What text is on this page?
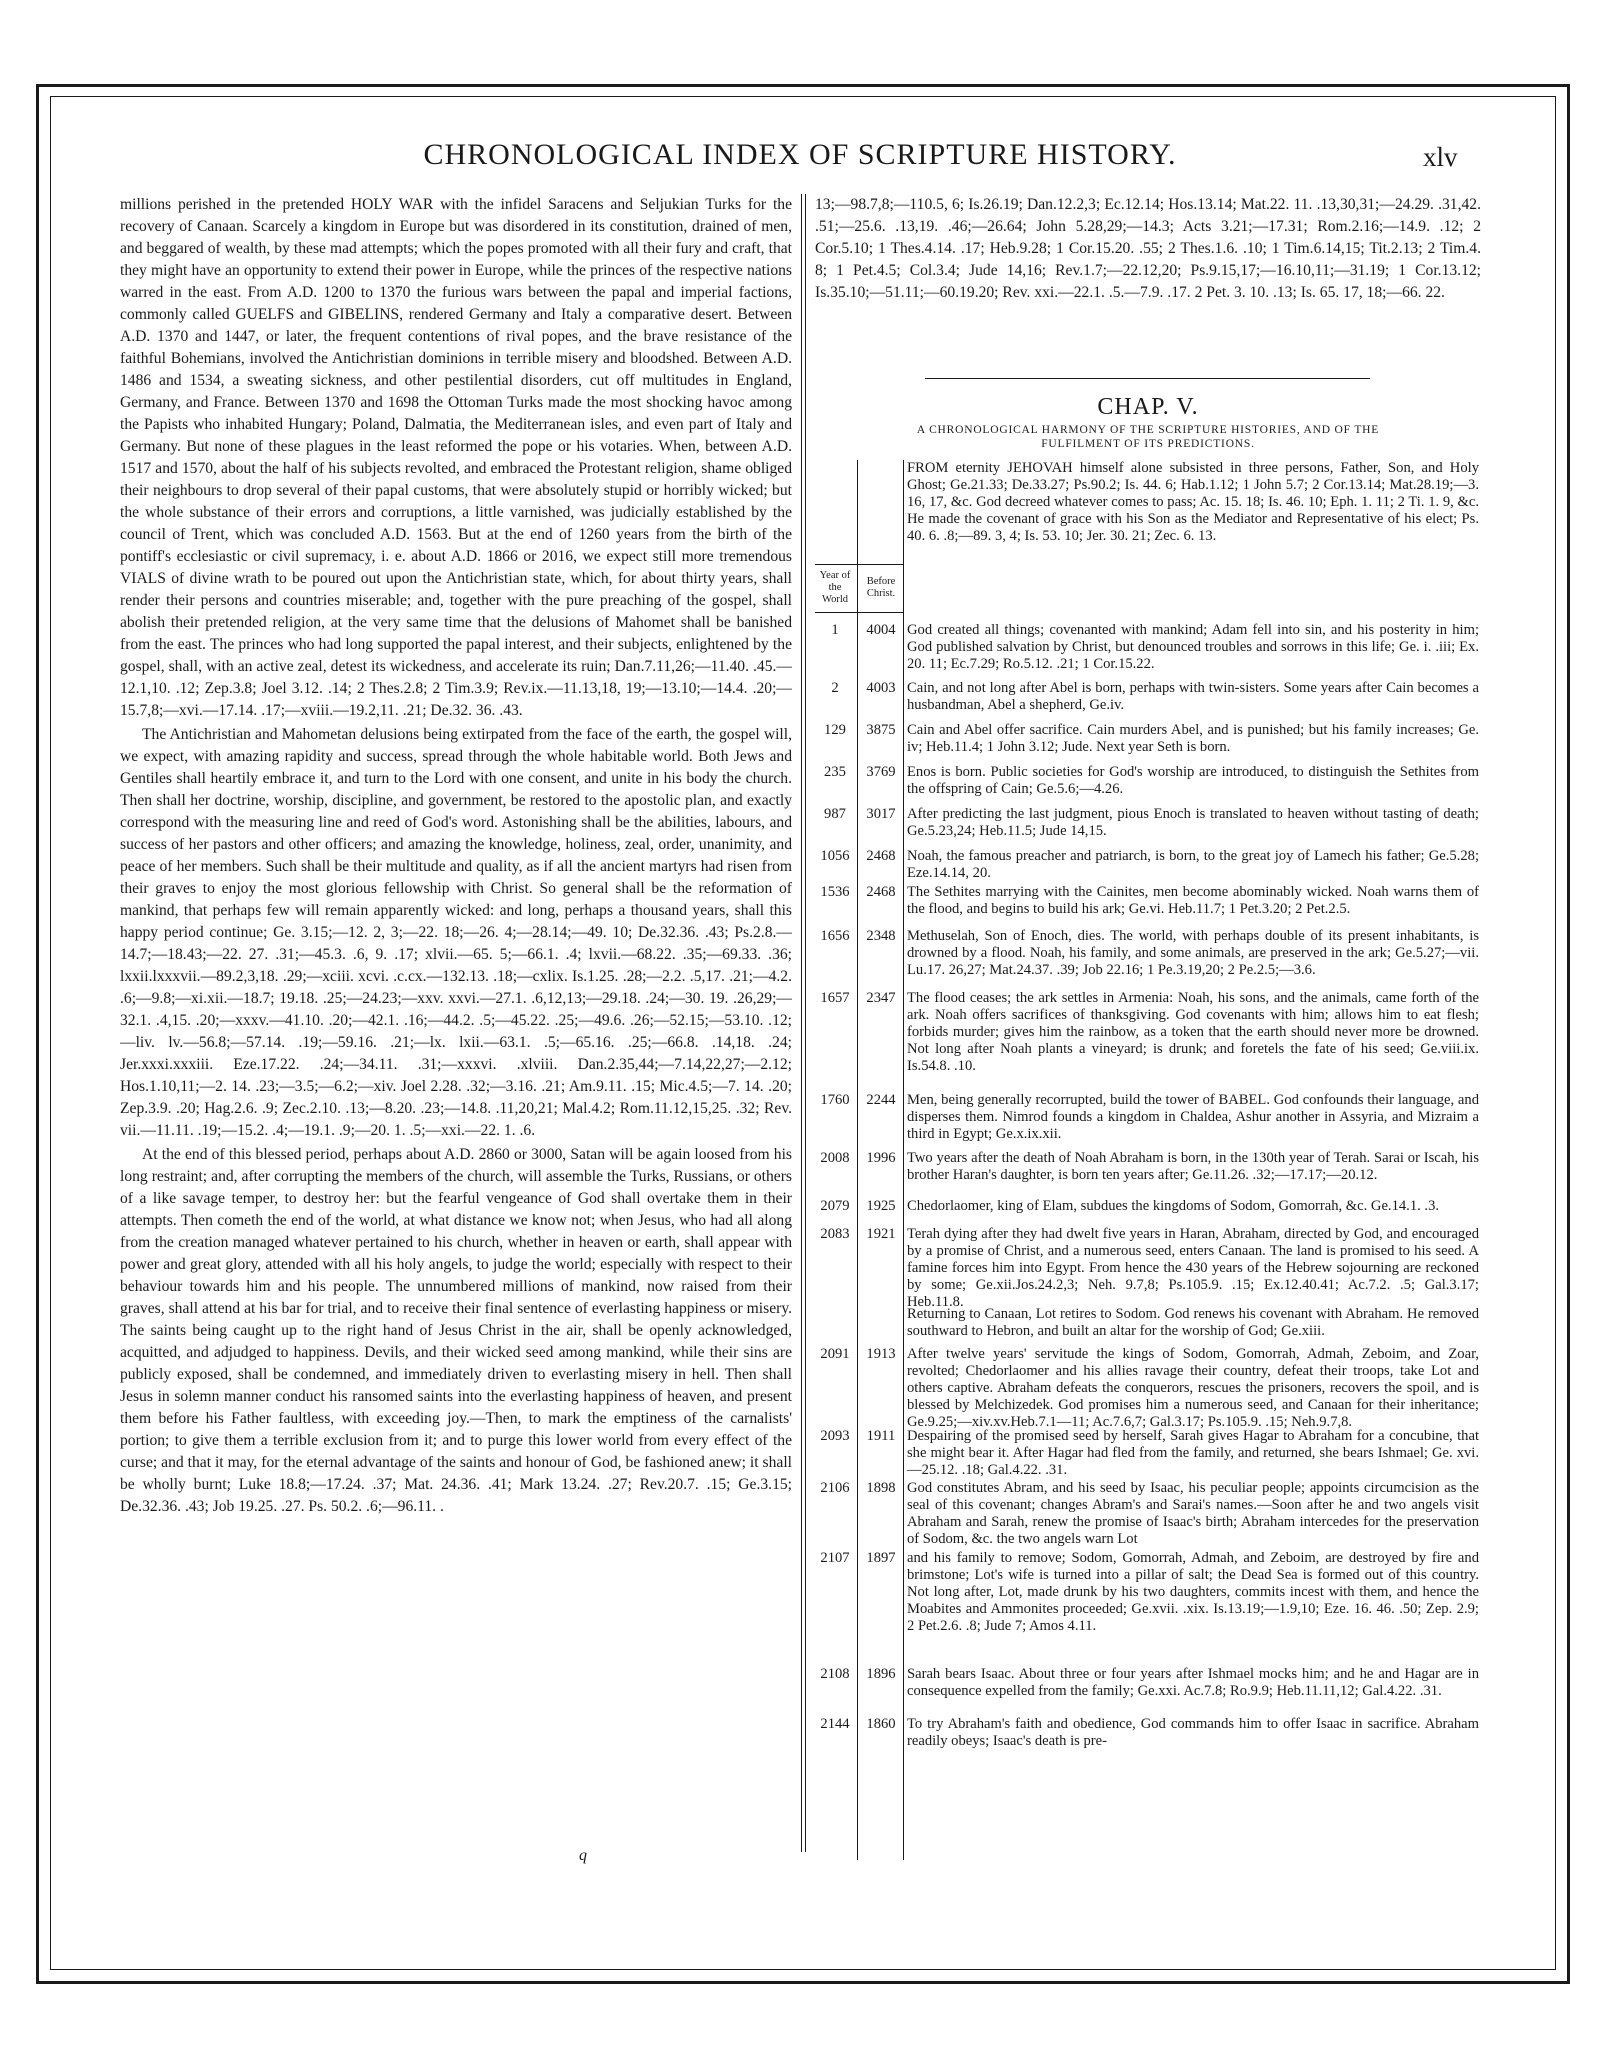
CHRONOLOGICAL INDEX OF SCRIPTURE HISTORY.	xlv

millions perished in the pretended HOLY WAR with the infidel Saracens and Seljukian Turks for the recovery of Canaan. Scarcely a kingdom in Europe but was disordered in its constitution, drained of men, and beggared of wealth, by these mad attempts; which the popes promoted with all their fury and craft, that they might have an opportunity to extend their power in Europe, while the princes of the respective nations warred in the east. From A.D. 1200 to 1370 the furious wars between the papal and imperial factions, commonly called GUELFS and GIBELINS, rendered Germany and Italy a comparative desert. Between A.D. 1370 and 1447, or later, the frequent contentions of rival popes, and the brave resistance of the faithful Bohemians, involved the Antichristian dominions in terrible misery and bloodshed. Between A.D. 1486 and 1534, a sweating sickness, and other pestilential disorders, cut off multitudes in England, Germany, and France. Between 1370 and 1698 the Ottoman Turks made the most shocking havoc among the Papists who inhabited Hungary; Poland, Dalmatia, the Mediterranean isles, and even part of Italy and Germany. But none of these plagues in the least reformed the pope or his votaries. When, between A.D. 1517 and 1570, about the half of his subjects revolted, and embraced the Protestant religion, shame obliged their neighbours to drop several of their papal customs, that were absolutely stupid or horribly wicked; but the whole substance of their errors and corruptions, a little varnished, was judicially established by the council of Trent, which was concluded A.D. 1563. But at the end of 1260 years from the birth of the pontiff's ecclesiastic or civil supremacy, i. e. about A.D. 1866 or 2016, we expect still more tremendous VIALS of divine wrath to be poured out upon the Antichristian state, which, for about thirty years, shall render their persons and countries miserable; and, together with the pure preaching of the gospel, shall abolish their pretended religion, at the very same time that the delusions of Mahomet shall be banished from the east. The princes who had long supported the papal interest, and their subjects, enlightened by the gospel, shall, with an active zeal, detest its wickedness, and accelerate its ruin; Dan.7.11,26;—11.40. .45.—12.1,10. .12; Zep.3.8; Joel 3.12. .14; 2 Thes.2.8; 2 Tim.3.9; Rev.ix.—11.13,18, 19;—13.10;—14.4. .20;—15.7,8;—xvi.—17.14. .17;—xviii.—19.2,11. .21; De.32. 36. .43.

The Antichristian and Mahometan delusions being extirpated from the face of the earth, the gospel will, we expect, with amazing rapidity and success, spread through the whole habitable world. Both Jews and Gentiles shall heartily embrace it, and turn to the Lord with one consent, and unite in his body the church. Then shall her doctrine, worship, discipline, and government, be restored to the apostolic plan, and exactly correspond with the measuring line and reed of God's word. Astonishing shall be the abilities, labours, and success of her pastors and other officers; and amazing the knowledge, holiness, zeal, order, unanimity, and peace of her members. Such shall be their multitude and quality, as if all the ancient martyrs had risen from their graves to enjoy the most glorious fellowship with Christ. So general shall be the reformation of mankind, that perhaps few will remain apparently wicked: and long, perhaps a thousand years, shall this happy period continue; Ge. 3.15;—12. 2, 3;—22. 18;—26. 4;—28.14;—49. 10; De.32.36. .43; Ps.2.8.—14.7;—18.43;—22. 27. .31;—45.3. .6, 9. .17; xlvii.—65. 5;—66.1. .4; lxvii.—68.22. .35;—69.33. .36; lxxii.lxxxvii.—89.2,3,18. .29;—xciii. xcvi. .c.cx.—132.13. .18;—cxlix. Is.1.25. .28;—2.2. .5,17. .21;—4.2. .6;—9.8;—xi.xii.—18.7; 19.18. .25;—24.23;—xxv. xxvi.—27.1. .6,12,13;—29.18. .24;—30. 19. .26,29;—32.1. .4,15. .20;—xxxv.—41.10. .20;—42.1. .16;—44.2. .5;—45.22. .25;—49.6. .26;—52.15;—53.10. .12;—liv. lv.—56.8;—57.14. .19;—59.16. .21;—lx. lxii.—63.1. .5;—65.16. .25;—66.8. .14,18. .24; Jer.xxxi.xxxiii. Eze.17.22. .24;—34.11. .31;—xxxvi. .xlviii. Dan.2.35,44;—7.14,22,27;—2.12; Hos.1.10,11;—2. 14. .23;—3.5;—6.2;—xiv. Joel 2.28. .32;—3.16. .21; Am.9.11. .15; Mic.4.5;—7. 14. .20; Zep.3.9. .20; Hag.2.6. .9; Zec.2.10. .13;—8.20. .23;—14.8. .11,20,21; Mal.4.2; Rom.11.12,15,25. .32; Rev. vii.—11.11. .19;—15.2. .4;—19.1. .9;—20. 1. .5;—xxi.—22. 1. .6.

At the end of this blessed period, perhaps about A.D. 2860 or 3000, Satan will be again loosed from his long restraint; and, after corrupting the members of the church, will assemble the Turks, Russians, or others of a like savage temper, to destroy her: but the fearful vengeance of God shall overtake them in their attempts. Then cometh the end of the world, at what distance we know not; when Jesus, who had all along from the creation managed whatever pertained to his church, whether in heaven or earth, shall appear with power and great glory, attended with all his holy angels, to judge the world; especially with respect to their behaviour towards him and his people. The unnumbered millions of mankind, now raised from their graves, shall attend at his bar for trial, and to receive their final sentence of everlasting happiness or misery. The saints being caught up to the right hand of Jesus Christ in the air, shall be openly acknowledged, acquitted, and adjudged to happiness. Devils, and their wicked seed among mankind, while their sins are publicly exposed, shall be condemned, and immediately driven to everlasting misery in hell. Then shall Jesus in solemn manner conduct his ransomed saints into the everlasting happiness of heaven, and present them before his Father faultless, with exceeding joy.—Then, to mark the emptiness of the carnalists' portion; to give them a terrible exclusion from it; and to purge this lower world from every effect of the curse; and that it may, for the eternal advantage of the saints and honour of God, be fashioned anew; it shall be wholly burnt; Luke 18.8;—17.24. .37; Mat. 24.36. .41; Mark 13.24. .27; Rev.20.7. .15; Ge.3.15; De.32.36. .43; Job 19.25. .27. Ps. 50.2. .6;—96.11. .

13;—98.7,8;—110.5, 6; Is.26.19; Dan.12.2,3; Ec.12.14; Hos.13.14; Mat.22. 11. .13,30,31;—24.29. .31,42. .51;—25.6. .13,19. .46;—26.64; John 5.28,29;—14.3; Acts 3.21;—17.31; Rom.2.16;—14.9. .12; 2 Cor.5.10; 1 Thes.4.14. .17; Heb.9.28; 1 Cor.15.20. .55; 2 Thes.1.6. .10; 1 Tim.6.14,15; Tit.2.13; 2 Tim.4. 8; 1 Pet.4.5; Col.3.4; Jude 14,16; Rev.1.7;—22.12,20; Ps.9.15,17;—16.10,11;—31.19; 1 Cor.13.12; Is.35.10;—51.11;—60.19.20; Rev. xxi.—22.1. .5.—7.9. .17. 2 Pet. 3. 10. .13; Is. 65. 17, 18;—66. 22.
CHAP. V.
A CHRONOLOGICAL HARMONY OF THE SCRIPTURE HISTORIES, AND OF THE
FULFILMENT OF ITS PREDICTIONS.
Year of the World
Before Christ.
FROM eternity JEHOVAH himself alone subsisted in three persons, Father, Son, and Holy Ghost; Ge.21.33; De.33.27; Ps.90.2; Is. 44. 6; Hab.1.12; 1 John 5.7; 2 Cor.13.14; Mat.28.19;—3. 16, 17, &c. God decreed whatever comes to pass; Ac. 15. 18; Is. 46. 10; Eph. 1. 11; 2 Ti. 1. 9, &c. He made the covenant of grace with his Son as the Mediator and Representative of his elect; Ps. 40. 6. .8;—89. 3, 4; Is. 53. 10; Jer. 30. 21; Zec. 6. 13.
1	4004 God created all things; covenanted with mankind; Adam fell into sin, and his posterity in him; God published salvation by Christ, but denounced troubles and sorrows in this life; Ge. i. .iii; Ex. 20. 11; Ec.7.29; Ro.5.12. .21; 1 Cor.15.22.
2	4003 Cain, and not long after Abel is born, perhaps with twin-sisters. Some years after Cain becomes a husbandman, Abel a shepherd, Ge.iv.
129	3875 Cain and Abel offer sacrifice. Cain murders Abel, and is punished; but his family increases; Ge. iv; Heb.11.4; 1 John 3.12; Jude. Next year Seth is born.
235	3769 Enos is born. Public societies for God's worship are introduced, to distinguish the Sethites from the offspring of Cain; Ge.5.6;—4.26.
987	3017 After predicting the last judgment, pious Enoch is translated to heaven without tasting of death; Ge.5.23,24; Heb.11.5; Jude 14,15.
1056	2468 Noah, the famous preacher and patriarch, is born, to the great joy of Lamech his father; Ge.5.28; Eze.14.14, 20.
1536	2468 The Sethites marrying with the Cainites, men become abominably wicked. Noah warns them of the flood, and begins to build his ark; Ge.vi. Heb.11.7; 1 Pet.3.20; 2 Pet.2.5.
1656	2348 Methuselah, Son of Enoch, dies. The world, with perhaps double of its present inhabitants, is drowned by a flood. Noah, his family, and some animals, are preserved in the ark; Ge.5.27;—vii. Lu.17. 26,27; Mat.24.37. .39; Job 22.16; 1 Pe.3.19,20; 2 Pe.2.5;—3.6.
1657	2347 The flood ceases; the ark settles in Armenia: Noah, his sons, and the animals, came forth of the ark. Noah offers sacrifices of thanksgiving. God covenants with him; allows him to eat flesh; forbids murder; gives him the rainbow, as a token that the earth should never more be drowned. Not long after Noah plants a vineyard; is drunk; and foretels the fate of his seed; Ge.viii.ix. Is.54.8. .10.
1760	2244 Men, being generally recorrupted, build the tower of BABEL. God confounds their language, and disperses them. Nimrod founds a kingdom in Chaldea, Ashur another in Assyria, and Mizraim a third in Egypt; Ge.x.ix.xii.
2008	1996 Two years after the death of Noah Abraham is born, in the 130th year of Terah. Sarai or Iscah, his brother Haran's daughter, is born ten years after; Ge.11.26. .32;—17.17;—20.12.
2079	1925 Chedorlaomer, king of Elam, subdues the kingdoms of Sodom, Gomorrah, &c. Ge.14.1. .3.
2083	1921 Terah dying after they had dwelt five years in Haran, Abraham, directed by God, and encouraged by a promise of Christ, and a numerous seed, enters Canaan. The land is promised to his seed. A famine forces him into Egypt. From hence the 430 years of the Hebrew sojourning are reckoned by some; Ge.xii.Jos.24.2,3; Neh. 9.7,8; Ps.105.9. .15; Ex.12.40.41; Ac.7.2. .5; Gal.3.17; Heb.11.8.
Returning to Canaan, Lot retires to Sodom. God renews his covenant with Abraham. He removed southward to Hebron, and built an altar for the worship of God; Ge.xiii.
2091	1913 After twelve years' servitude the kings of Sodom, Gomorrah, Admah, Zeboim, and Zoar, revolted; Chedorlaomer and his allies ravage their country, defeat their troops, take Lot and others captive. Abraham defeats the conquerors, rescues the prisoners, recovers the spoil, and is blessed by Melchizedek. God promises him a numerous seed, and Canaan for their inheritance; Ge.9.25;—xiv.xv.Heb.7.1—11; Ac.7.6,7; Gal.3.17; Ps.105.9. .15; Neh.9.7,8.
2093	1911 Despairing of the promised seed by herself, Sarah gives Hagar to Abraham for a concubine, that she might bear it. After Hagar had fled from the family, and returned, she bears Ishmael; Ge. xvi.—25.12. .18; Gal.4.22. .31.
2106	1898 God constitutes Abram, and his seed by Isaac, his peculiar people; appoints circumcision as the seal of this covenant; changes Abram's and Sarai's names.—Soon after he and two angels visit Abraham and Sarah, renew the promise of Isaac's birth; Abraham intercedes for the preservation of Sodom, &c. the two angels warn Lot
2107	1897 and his family to remove; Sodom, Gomorrah, Admah, and Zeboim, are destroyed by fire and brimstone; Lot's wife is turned into a pillar of salt; the Dead Sea is formed out of this country. Not long after, Lot, made drunk by his two daughters, commits incest with them, and hence the Moabites and Ammonites proceeded; Ge.xvii. .xix. Is.13.19;—1.9,10; Eze. 16. 46. .50; Zep. 2.9; 2 Pet.2.6. .8; Jude 7; Amos 4.11.
2108	1896 Sarah bears Isaac. About three or four years after Ishmael mocks him; and he and Hagar are in consequence expelled from the family; Ge.xxi. Ac.7.8; Ro.9.9; Heb.11.11,12; Gal.4.22. .31.
2144	1860 To try Abraham's faith and obedience, God commands him to offer Isaac in sacrifice. Abraham readily obeys; Isaac's death is pre-
q
